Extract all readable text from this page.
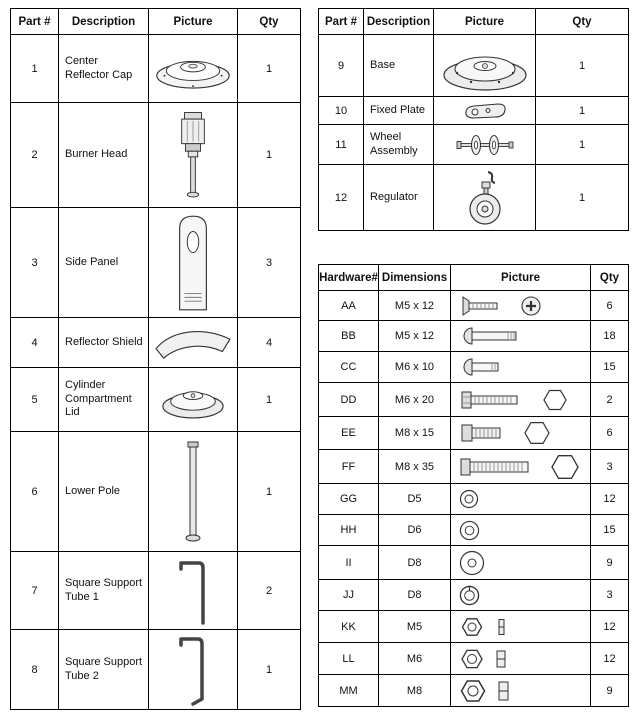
Part #	Description	Picture	Qty
1	Center Reflector Cap		1
2	Burner Head		1
3	Side Panel		3
4	Reflector Shield		4
5	Cylinder Compartment Lid		1
6	Lower Pole		1
7	Square Support Tube 1		2
8	Square Support Tube 2		1
Part #	Description	Picture	Qty
9	Base		1
10	Fixed Plate		1
11	Wheel Assembly		1
12	Regulator		1
Hardware#	Dimensions	Picture	Qty
AA	M5 x 12		6
BB	M5 x 12		18
CC	M6 x 10		15
DD	M6 x 20		2
EE	M8 x 15		6
FF	M8 x 35		3
GG	D5		12
HH	D6		15
II	D8		9
JJ	D8		3
KK	M5		12
LL	M6		12
MM	M8		9
